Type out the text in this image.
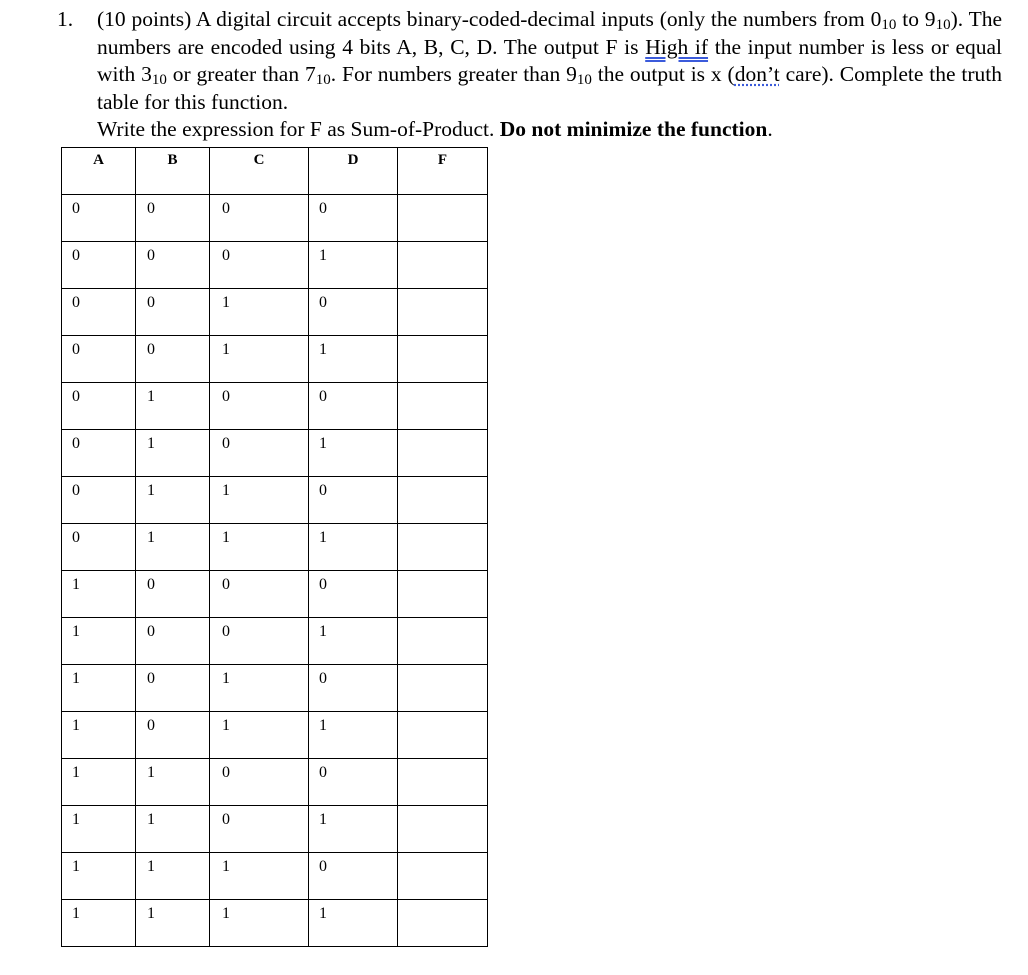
1. (10 points) A digital circuit accepts binary-coded-decimal inputs (only the numbers from $0_{10}$ to $9_{10}$). The numbers are encoded using 4 bits A, B, C, D. The output F is High if the input number is less or equal with $3_{10}$ or greater than $7_{10}$. For numbers greater than $9_{10}$ the output is x (don’t care). Complete the truth table for this function.
Write the expression for F as Sum-of-Product. Do not minimize the function.
A	B	C	D	F

0	0	0	0	

0	0	0	1	

0	0	1	0	

0	0	1	1	

0	1	0	0	

0	1	0	1	

0	1	1	0	

0	1	1	1	

1	0	0	0	

1	0	0	1	

1	0	1	0	

1	0	1	1	

1	1	0	0	

1	1	0	1	

1	1	1	0	

1	1	1	1	
